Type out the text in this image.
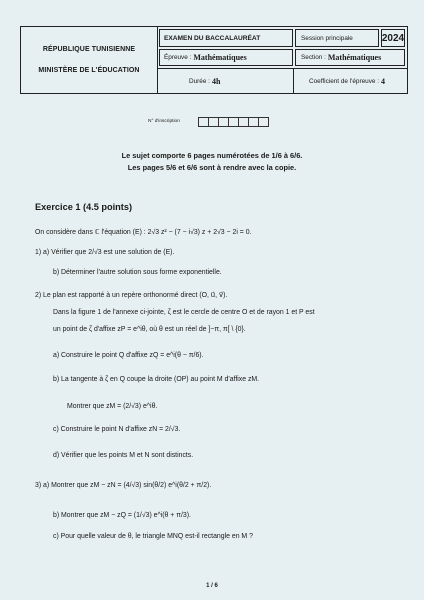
RÉPUBLIQUE TUNISIENNE
MINISTÈRE DE L'ÉDUCATION
EXAMEN DU BACCALAURÉAT	Session principale	2024
Épreuve : Mathématiques	Section : Mathématiques
Durée : 4h	Coefficient de l'épreuve : 4
N° d'inscription
Le sujet comporte 6 pages numérotées de 1/6 à 6/6.
Les pages 5/6 et 6/6 sont à rendre avec la copie.
Exercice 1 (4.5 points)
On considère dans ℂ l'équation (E) : 2√3 z² − (7 − i√3) z + 2√3 − 2i = 0.
1) a) Vérifier que 2/√3 est une solution de (E).
b) Déterminer l'autre solution sous forme exponentielle.
2) Le plan est rapporté à un repère orthonormé direct (O, u⃗, v⃗).
Dans la figure 1 de l'annexe ci-jointe, ζ est le cercle de centre O et de rayon 1 et P est
un point de ζ d'affixe zP = e^iθ, où θ est un réel de ]−π, π[ \ {0}.
a) Construire le point Q d'affixe zQ = e^i(θ − π/6).
b) La tangente à ζ en Q coupe la droite (OP) au point M d'affixe zM.
Montrer que zM = (2/√3) e^iθ.
c) Construire le point N d'affixe zN = 2/√3.
d) Vérifier que les points M et N sont distincts.
3) a) Montrer que zM − zN = (4/√3) sin(θ/2) e^i(θ/2 + π/2).
b) Montrer que zM − zQ = (1/√3) e^i(θ + π/3).
c) Pour quelle valeur de θ, le triangle MNQ est-il rectangle en M ?
1 / 6
